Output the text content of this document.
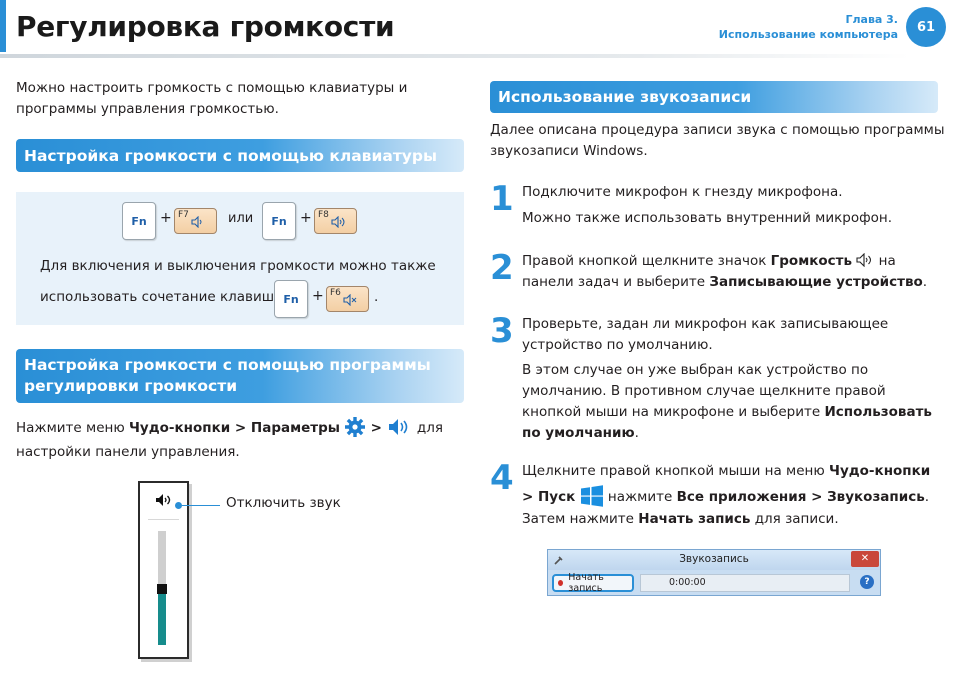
Регулировка громкости	Глава 3.
Использование компьютера	61
Можно настроить громкость с помощью клавиатуры и
программы управления громкостью.
Настройка громкости с помощью клавиатуры
Fn + F7	или	Fn + F8
Для включения и выключения громкости можно также
использовать сочетание клавиш Fn + F6 .
Настройка громкости с помощью программы
регулировки громкости
Нажмите меню Чудо-кнопки > Параметры  >  для
настройки панели управления.
Отключить звук
Использование звукозаписи
Далее описана процедура записи звука с помощью программы
звукозаписи Windows.
1 Подключите микрофон к гнезду микрофона.
Можно также использовать внутренний микрофон.
2 Правой кнопкой щелкните значок Громкость  на
панели задач и выберите Записывающие устройство.
3 Проверьте, задан ли микрофон как записывающее
устройство по умолчанию.
В этом случае он уже выбран как устройство по
умолчанию. В противном случае щелкните правой
кнопкой мыши на микрофоне и выберите Использовать
по умолчанию.
4 Щелкните правой кнопкой мыши на меню Чудо-кнопки
> Пуск  нажмите Все приложения > Звукозапись.
Затем нажмите Начать запись для записи.
Звукозапись	✕
Начать запись
0:00:00	?
